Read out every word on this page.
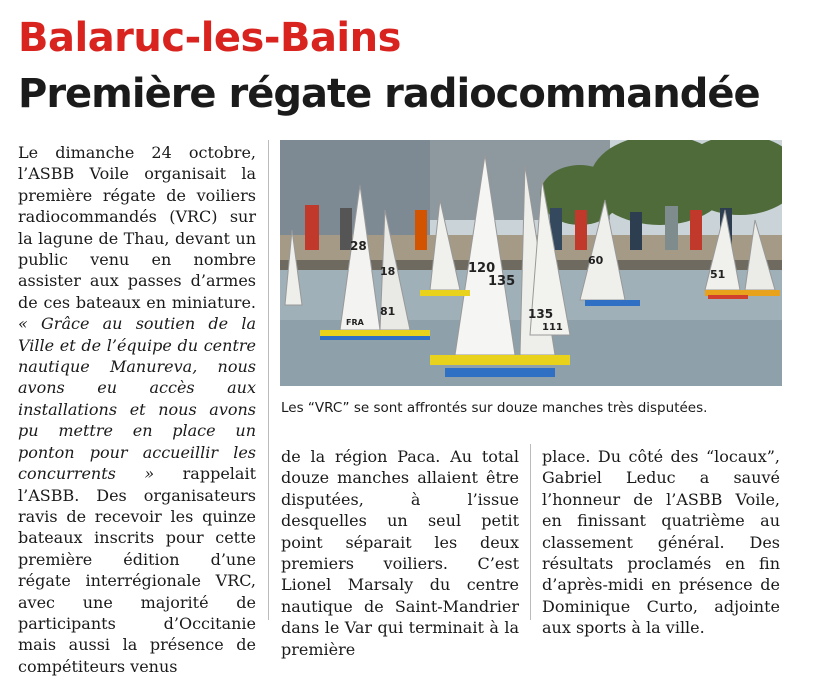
Balaruc-les-Bains
Première régate radiocommandée

Le dimanche 24 octobre, l’ASBB Voile organisait la première régate de voiliers radiocommandés (VRC) sur la lagune de Thau, devant un public venu en nombre assister aux passes d’armes de ces bateaux en miniature. « Grâce au soutien de la Ville et de l’équipe du centre nautique Manureva, nous avons eu accès aux installations et nous avons pu mettre en place un ponton pour accueillir les concurrents » rappelait l’ASBB. Des organisateurs ravis de recevoir les quinze bateaux inscrits pour cette première édition d’une régate interrégionale VRC, avec une majorité de participants d’Occitanie mais aussi la présence de compétiteurs venus

28
18
81
120
135
135
111
60
51
FRA
Les “VRC” se sont affrontés sur douze manches très disputées.

de la région Paca. Au total douze manches allaient être disputées, à l’issue desquelles un seul petit point séparait les deux premiers voiliers. C’est Lionel Marsaly du centre nautique de Saint-Mandrier dans le Var qui terminait à la première

place. Du côté des “locaux”, Gabriel Leduc a sauvé l’honneur de l’ASBB Voile, en finissant quatrième au classement général. Des résultats proclamés en fin d’après-midi en présence de Dominique Curto, adjointe aux sports à la ville.
